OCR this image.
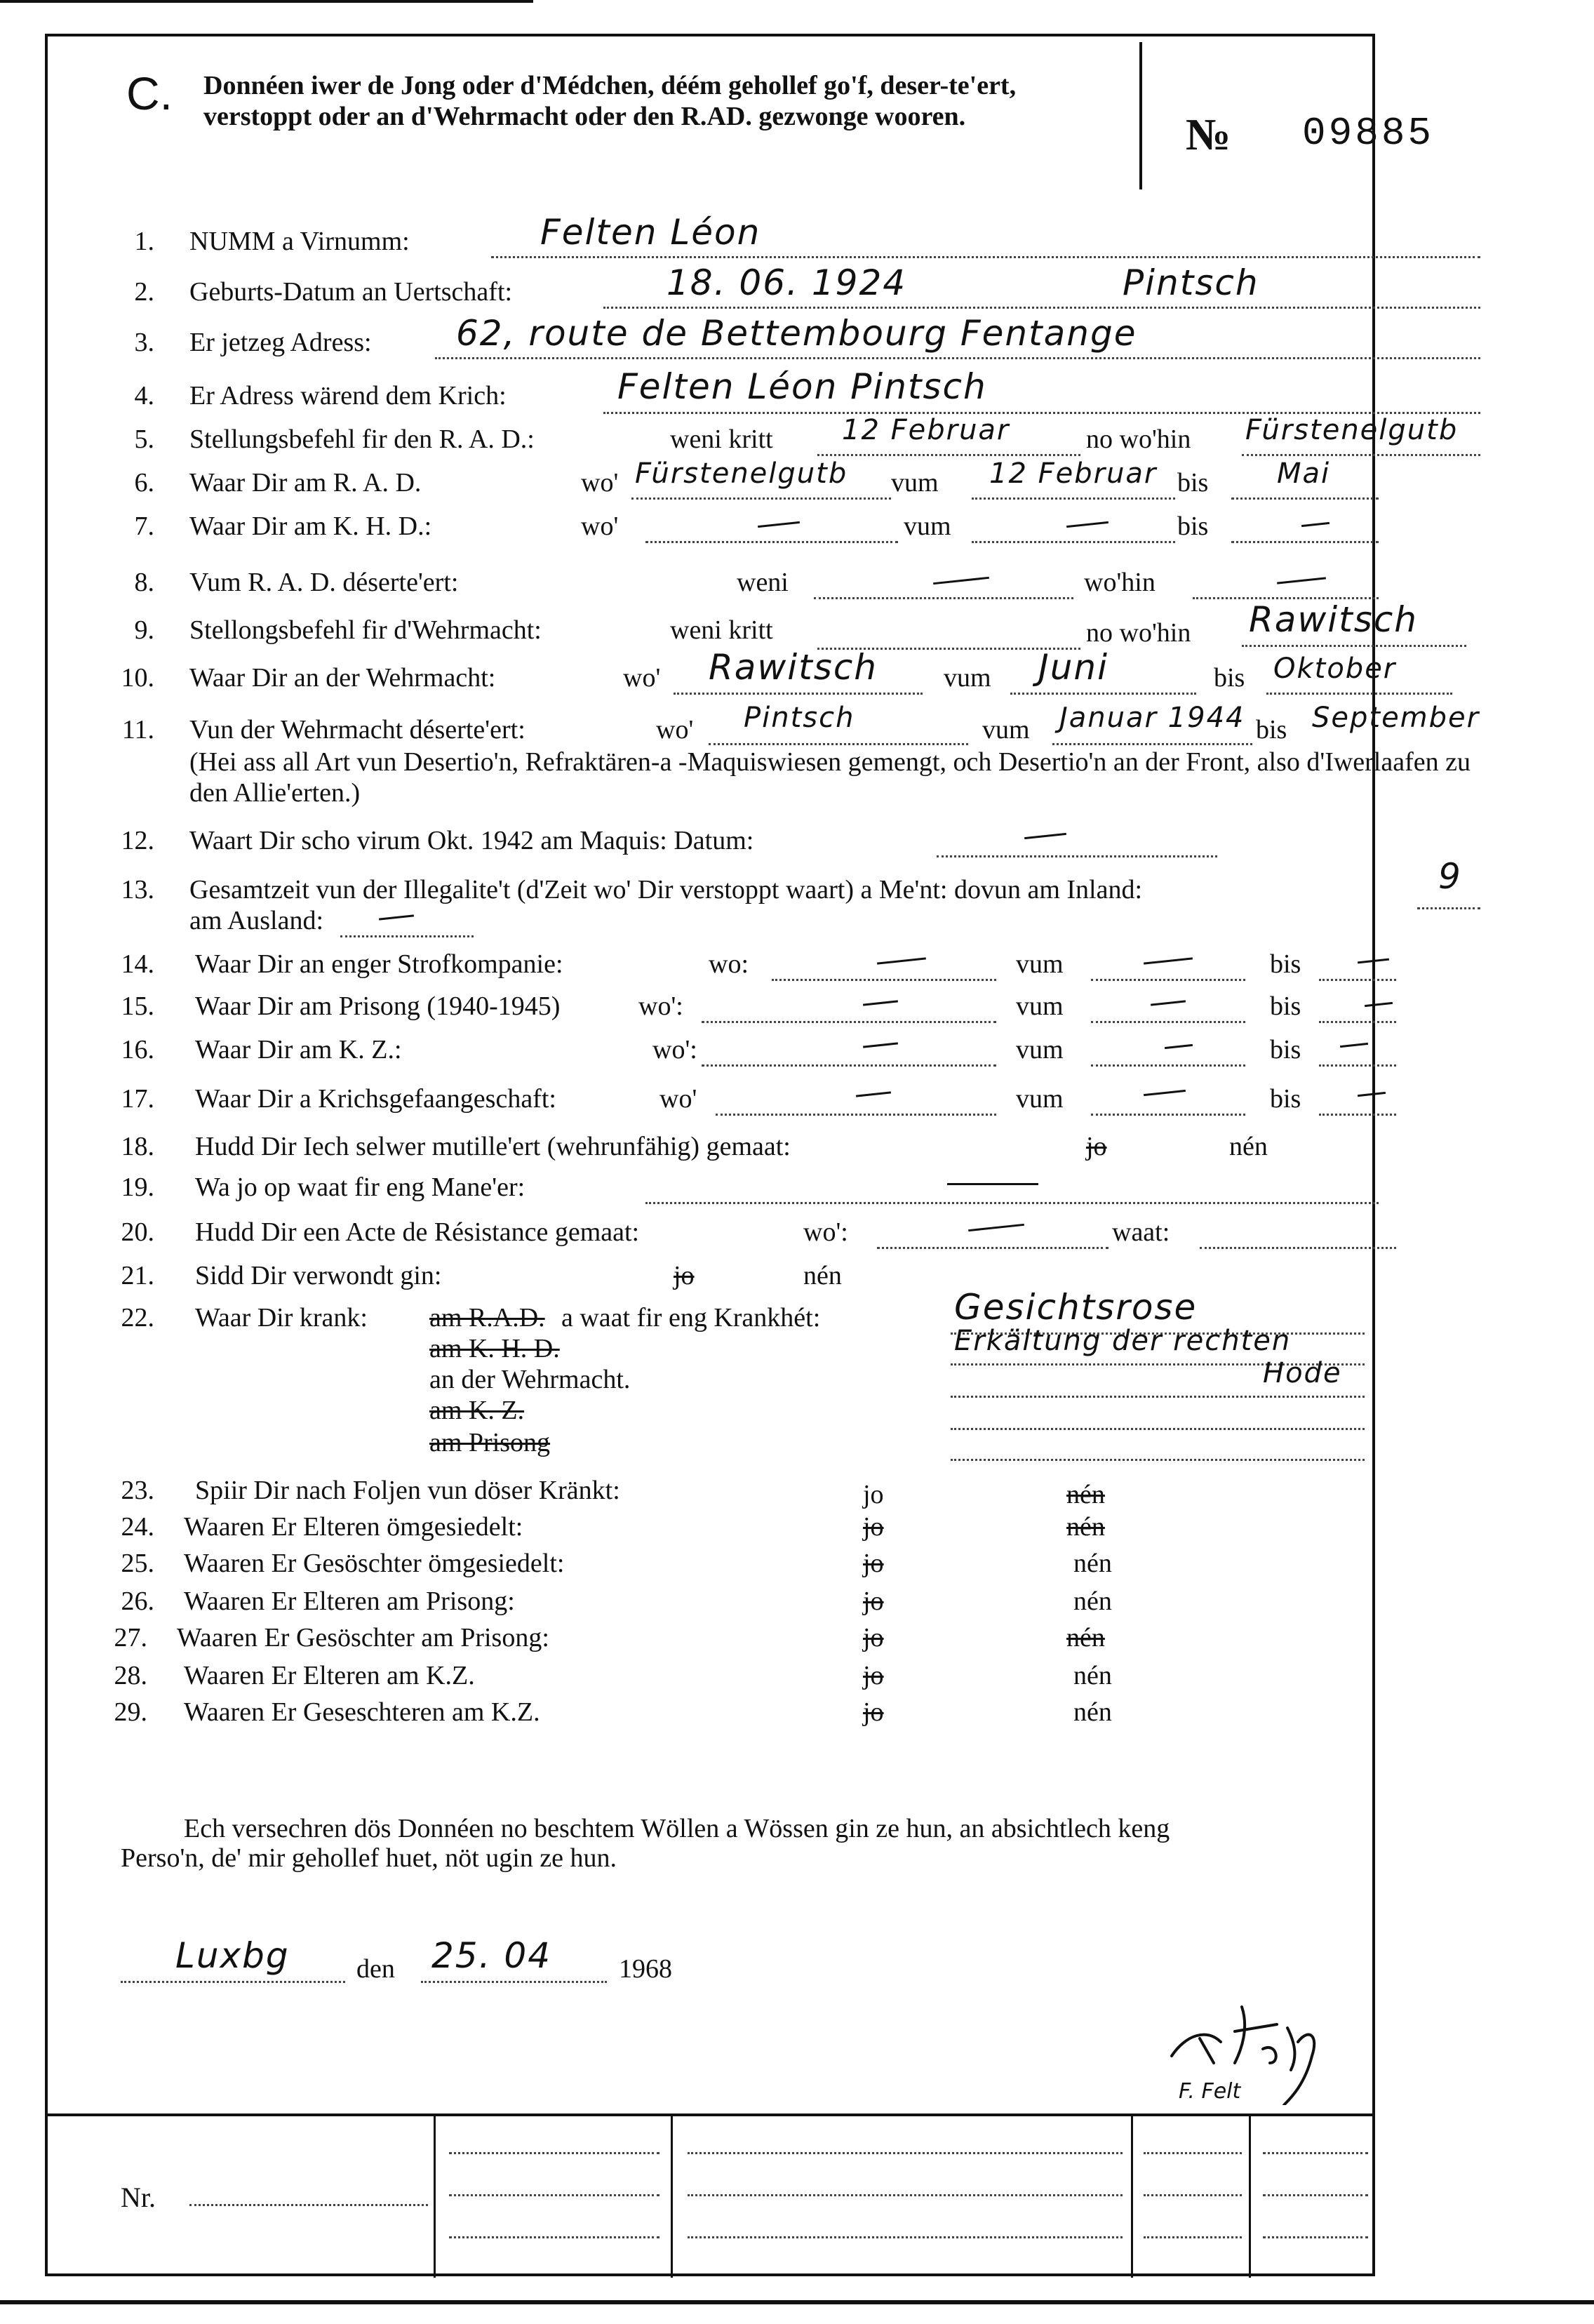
C. Donnéen iwer de Jong oder d'Médchen, déém gehollef go'f, deser-te'ert, verstoppt oder an d'Wehrmacht oder den R.AD. gezwonge wooren.	№ 09885
1. NUMM a Virnumm:	Felten Léon
2. Geburts-Datum an Uertschaft:	18. 06. 1924	Pintsch
3. Er jetzeg Adress: 62, route de Bettembourg Fentange
4. Er Adress wärend dem Krich:	Felten Léon Pintsch
5. Stellungsbefehl fir den R. A. D.:	weni kritt 12 Februar	no wo'hin Fürstenelgutb
6. Waar Dir am R. A. D.	wo' Fürstenelgutb vum 12 Februar bis Mai
7. Waar Dir am K. H. D.:	wo'	vum	bis
8. Vum R. A. D. déserte'ert:	weni	wo'hin
9. Stellongsbefehl fir d'Wehrmacht:	weni kritt	no wo'hin Rawitsch
10. Waar Dir an der Wehrmacht:	wo' Rawitsch vum Juni	bis Oktober
11. Vun der Wehrmacht déserte'ert:	wo' Pintsch	vum Januar 1944 bis September
(Hei ass all Art vun Desertio'n, Refraktären-a -Maquiswiesen gemengt, och Desertio'n an der Front, also d'Iwerlaafen zu den Allie'erten.)
12. Waart Dir scho virum Okt. 1942 am Maquis: Datum:
13. Gesamtzeit vun der Illegalite't (d'Zeit wo' Dir verstoppt waart) a Me'nt: dovun am Inland:	9
am Ausland:
14. Waar Dir an enger Strofkompanie:	wo:	vum	bis
15. Waar Dir am Prisong (1940-1945)	wo':	vum	bis
16. Waar Dir am K. Z.:	wo':	vum	bis
17. Waar Dir a Krichsgefaangeschaft:	wo'	vum	bis
18. Hudd Dir Iech selwer mutille'ert (wehrunfähig) gemaat:	jo	nén
19. Wa jo op waat fir eng Mane'er:
20. Hudd Dir een Acte de Résistance gemaat:	wo':	waat:
21. Sidd Dir verwondt gin:	jo	nén
22. Waar Dir krank: am R.A.D. a waat fir eng Krankhét:	Gesichtsrose
am K. H. D.	Erkältung der rechten
an der Wehrmacht.	Hode
am K. Z.
am Prisong
23. Spiir Dir nach Foljen vun döser Kränkt:	jo	nén
24. Waaren Er Elteren ömgesiedelt:	jo	nén
25. Waaren Er Gesöschter ömgesiedelt:	jo	nén
26. Waaren Er Elteren am Prisong:	jo	nén
27. Waaren Er Gesöschter am Prisong:	jo	nén
28. Waaren Er Elteren am K.Z.	jo	nén
29. Waaren Er Geseschteren am K.Z.	jo	nén
Ech versechren dös Donnéen no beschtem Wöllen a Wössen gin ze hun, an absichtlech keng
Perso'n, de' mir gehollef huet, nöt ugin ze hun.
Luxbg	den 25. 04	1968
F. Felt
Nr.
